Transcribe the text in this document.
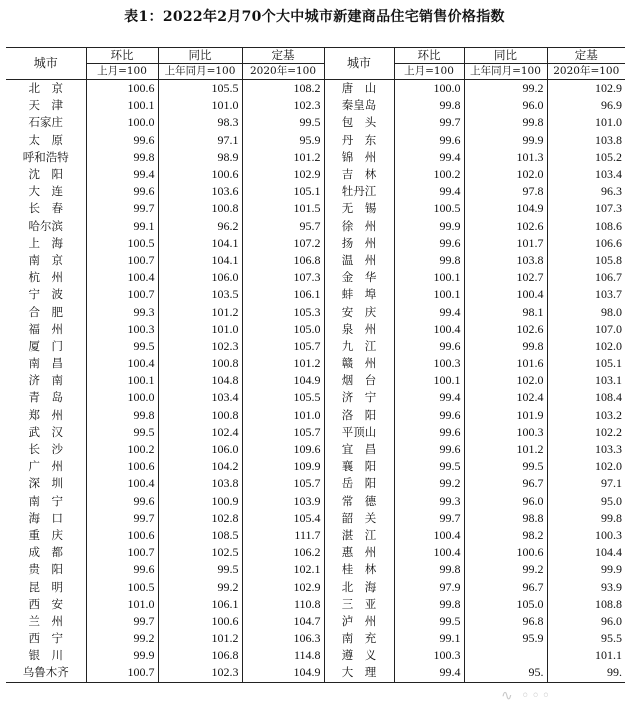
表1：2022年2月70个大中城市新建商品住宅销售价格指数
城市	环比	同比	定基	城市	环比	同比	定基
	上月=100	上年同月=100	2020年=100		上月=100	上年同月=100	2020年=100
北　京	100.6	105.5	108.2	唐　山	100.0	99.2	102.9
天　津	100.1	101.0	102.3	秦皇岛	99.8	96.0	96.9
石家庄	100.0	98.3	99.5	包　头	99.7	99.8	101.0
太　原	99.6	97.1	95.9	丹　东	99.6	99.9	103.8
呼和浩特	99.8	98.9	101.2	锦　州	99.4	101.3	105.2
沈　阳	99.4	100.6	102.9	吉　林	100.2	102.0	103.4
大　连	99.6	103.6	105.1	牡丹江	99.4	97.8	96.3
长　春	99.7	100.8	101.5	无　锡	100.5	104.9	107.3
哈尔滨	99.1	96.2	95.7	徐　州	99.9	102.6	108.6
上　海	100.5	104.1	107.2	扬　州	99.6	101.7	106.6
南　京	100.7	104.1	106.8	温　州	99.8	103.8	105.8
杭　州	100.4	106.0	107.3	金　华	100.1	102.7	106.7
宁　波	100.7	103.5	106.1	蚌　埠	100.1	100.4	103.7
合　肥	99.3	101.2	105.3	安　庆	99.4	98.1	98.0
福　州	100.3	101.0	105.0	泉　州	100.4	102.6	107.0
厦　门	99.5	102.3	105.7	九　江	99.6	99.8	102.0
南　昌	100.4	100.8	101.2	赣　州	100.3	101.6	105.1
济　南	100.1	104.8	104.9	烟　台	100.1	102.0	103.1
青　岛	100.0	103.4	105.5	济　宁	99.4	102.4	108.4
郑　州	99.8	100.8	101.0	洛　阳	99.6	101.9	103.2
武　汉	99.5	102.4	105.7	平顶山	99.6	100.3	102.2
长　沙	100.2	106.0	109.6	宜　昌	99.6	101.2	103.3
广　州	100.6	104.2	109.9	襄　阳	99.5	99.5	102.0
深　圳	100.4	103.8	105.7	岳　阳	99.2	96.7	97.1
南　宁	99.6	100.9	103.9	常　德	99.3	96.0	95.0
海　口	99.7	102.8	105.4	韶　关	99.7	98.8	99.8
重　庆	100.6	108.5	111.7	湛　江	100.4	98.2	100.3
成　都	100.7	102.5	106.2	惠　州	100.4	100.6	104.4
贵　阳	99.6	99.5	102.1	桂　林	99.8	99.2	99.9
昆　明	100.5	99.2	102.9	北　海	97.9	96.7	93.9
西　安	101.0	106.1	110.8	三　亚	99.8	105.0	108.8
兰　州	99.7	100.6	104.7	泸　州	99.5	96.8	96.0
西　宁	99.2	101.2	106.3	南　充	99.1	95.9	95.5
银　川	99.9	106.8	114.8	遵　义	100.3		101.1
乌鲁木齐	100.7	102.3	104.9	大　理	99.4	95.	99.
∿ ◦◦◦
